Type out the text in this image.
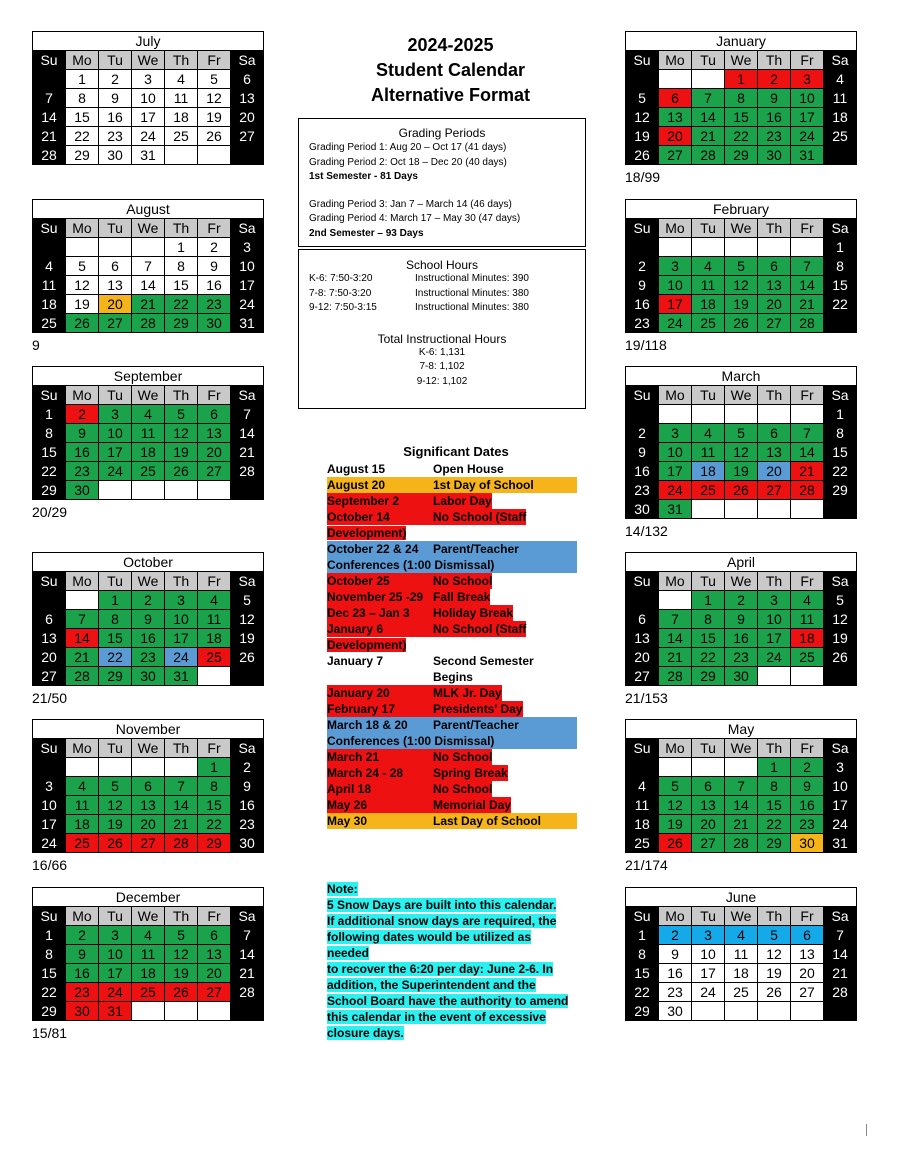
2024-2025
Student Calendar
Alternative Format
July						
Su	Mo	Tu	We	Th	Fr	Sa
	1	2	3	4	5	6
7	8	9	10	11	12	13
14	15	16	17	18	19	20
21	22	23	24	25	26	27
28	29	30	31			
August						
Su	Mo	Tu	We	Th	Fr	Sa
				1	2	3
4	5	6	7	8	9	10
11	12	13	14	15	16	17
18	19	20	21	22	23	24
25	26	27	28	29	30	31
9
September						
Su	Mo	Tu	We	Th	Fr	Sa
1	2	3	4	5	6	7
8	9	10	11	12	13	14
15	16	17	18	19	20	21
22	23	24	25	26	27	28
29	30					
20/29
October						
Su	Mo	Tu	We	Th	Fr	Sa
		1	2	3	4	5
6	7	8	9	10	11	12
13	14	15	16	17	18	19
20	21	22	23	24	25	26
27	28	29	30	31		
21/50
November						
Su	Mo	Tu	We	Th	Fr	Sa
					1	2
3	4	5	6	7	8	9
10	11	12	13	14	15	16
17	18	19	20	21	22	23
24	25	26	27	28	29	30
16/66
December						
Su	Mo	Tu	We	Th	Fr	Sa
1	2	3	4	5	6	7
8	9	10	11	12	13	14
15	16	17	18	19	20	21
22	23	24	25	26	27	28
29	30	31				
15/81
January						
Su	Mo	Tu	We	Th	Fr	Sa
			1	2	3	4
5	6	7	8	9	10	11
12	13	14	15	16	17	18
19	20	21	22	23	24	25
26	27	28	29	30	31	
18/99
February						
Su	Mo	Tu	We	Th	Fr	Sa
						1
2	3	4	5	6	7	8
9	10	11	12	13	14	15
16	17	18	19	20	21	22
23	24	25	26	27	28	
19/118
March						
Su	Mo	Tu	We	Th	Fr	Sa
						1
2	3	4	5	6	7	8
9	10	11	12	13	14	15
16	17	18	19	20	21	22
23	24	25	26	27	28	29
30	31					
14/132
April						
Su	Mo	Tu	We	Th	Fr	Sa
		1	2	3	4	5
6	7	8	9	10	11	12
13	14	15	16	17	18	19
20	21	22	23	24	25	26
27	28	29	30			
21/153
May						
Su	Mo	Tu	We	Th	Fr	Sa
				1	2	3
4	5	6	7	8	9	10
11	12	13	14	15	16	17
18	19	20	21	22	23	24
25	26	27	28	29	30	31
21/174
June						
Su	Mo	Tu	We	Th	Fr	Sa
1	2	3	4	5	6	7
8	9	10	11	12	13	14
15	16	17	18	19	20	21
22	23	24	25	26	27	28
29	30					
Grading Periods
Grading Period 1: Aug 20 – Oct 17 (41 days)
Grading Period 2: Oct 18 – Dec 20 (40 days)
1st Semester - 81 Days
Grading Period 3: Jan 7 – March 14 (46 days)
Grading Period 4: March 17 – May 30 (47 days)
2nd Semester – 93 Days
School Hours
K-6: 7:50-3:20	Instructional Minutes: 390
7-8: 7:50-3:20	Instructional Minutes: 380
9-12: 7:50-3:15	Instructional Minutes: 380
Total Instructional Hours
K-6: 1,131
7-8: 1,102
9-12: 1,102
Significant Dates
August 15	Open House
August 20	1st Day of School
September 2	Labor Day
October 14	No School (Staff
Development)
October 22 & 24	Parent/Teacher
Conferences (1:00 Dismissal)
October 25	No School
November 25 -29 Fall Break
Dec 23 – Jan 3	Holiday Break
January 6	No School (Staff
Development)
January 7	Second Semester Begins
January 20	MLK Jr. Day
February 17	Presidents' Day
March 18 & 20	Parent/Teacher
Conferences (1:00 Dismissal)
March 21	No School
March 24 - 28	Spring Break
April 18	No School
May 26	Memorial Day
May 30	Last Day of School
Note:
5 Snow Days are built into this calendar.
If additional snow days are required, the
following dates would be utilized as needed
to recover the 6:20 per day: June 2-6. In
addition, the Superintendent and the
School Board have the authority to amend
this calendar in the event of excessive
closure days.
